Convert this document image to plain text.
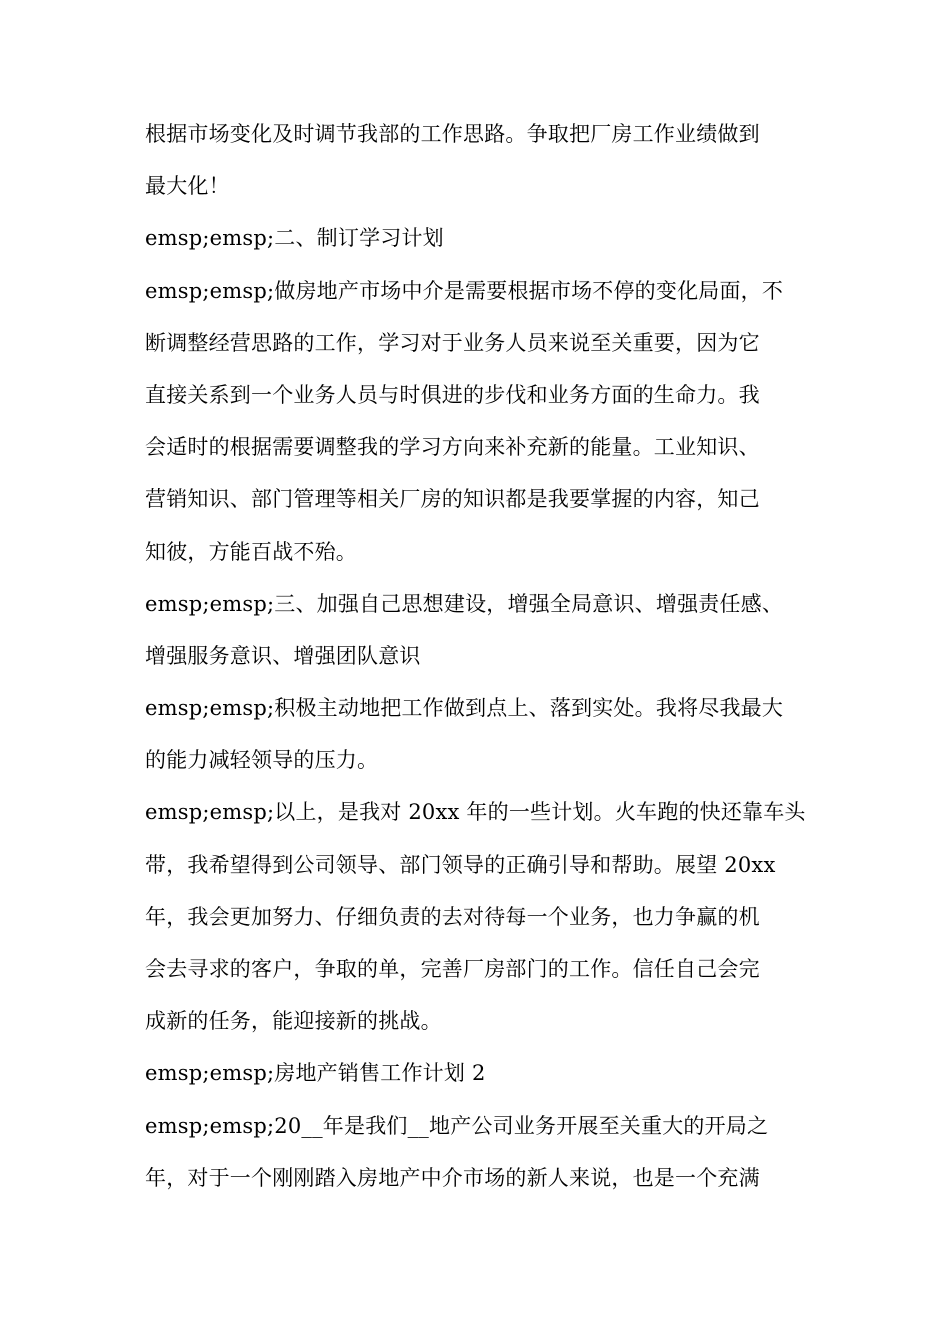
根据市场变化及时调节我部的工作思路。争取把厂房工作业绩做到
最大化！
emsp;emsp;二、制订学习计划
emsp;emsp;做房地产市场中介是需要根据市场不停的变化局面，不
断调整经营思路的工作，学习对于业务人员来说至关重要，因为它
直接关系到一个业务人员与时俱进的步伐和业务方面的生命力。我
会适时的根据需要调整我的学习方向来补充新的能量。工业知识、
营销知识、部门管理等相关厂房的知识都是我要掌握的内容，知己
知彼，方能百战不殆。
emsp;emsp;三、加强自己思想建设，增强全局意识、增强责任感、
增强服务意识、增强团队意识
emsp;emsp;积极主动地把工作做到点上、落到实处。我将尽我最大
的能力减轻领导的压力。
emsp;emsp;以上，是我对 20xx 年的一些计划。火车跑的快还靠车头
带，我希望得到公司领导、部门领导的正确引导和帮助。展望 20xx
年，我会更加努力、仔细负责的去对待每一个业务，也力争赢的机
会去寻求的客户，争取的单，完善厂房部门的工作。信任自己会完
成新的任务，能迎接新的挑战。
emsp;emsp;房地产销售工作计划 2
emsp;emsp;20__年是我们__地产公司业务开展至关重大的开局之
年，对于一个刚刚踏入房地产中介市场的新人来说，也是一个充满
